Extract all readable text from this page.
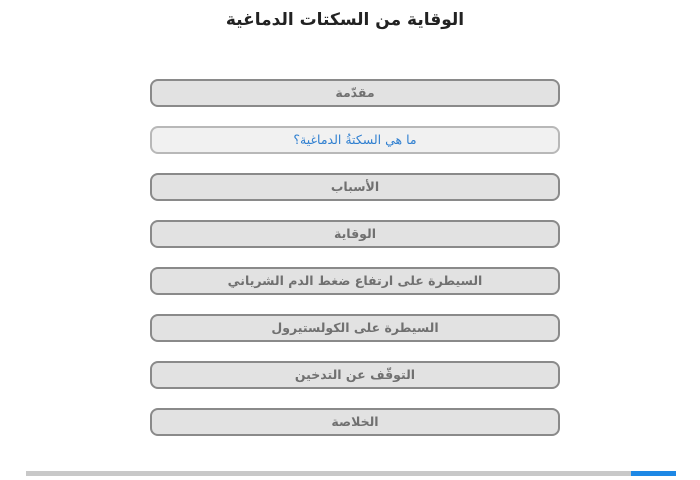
الوقاية من السكتات الدماغية
مقدّمة
ما هي السكتةُ الدماغية؟
الأسباب
الوقاية
السيطرة على ارتفاع ضغط الدم الشرياني
السيطرة على الكولستيرول
التوقّف عن التدخين
الخلاصة
